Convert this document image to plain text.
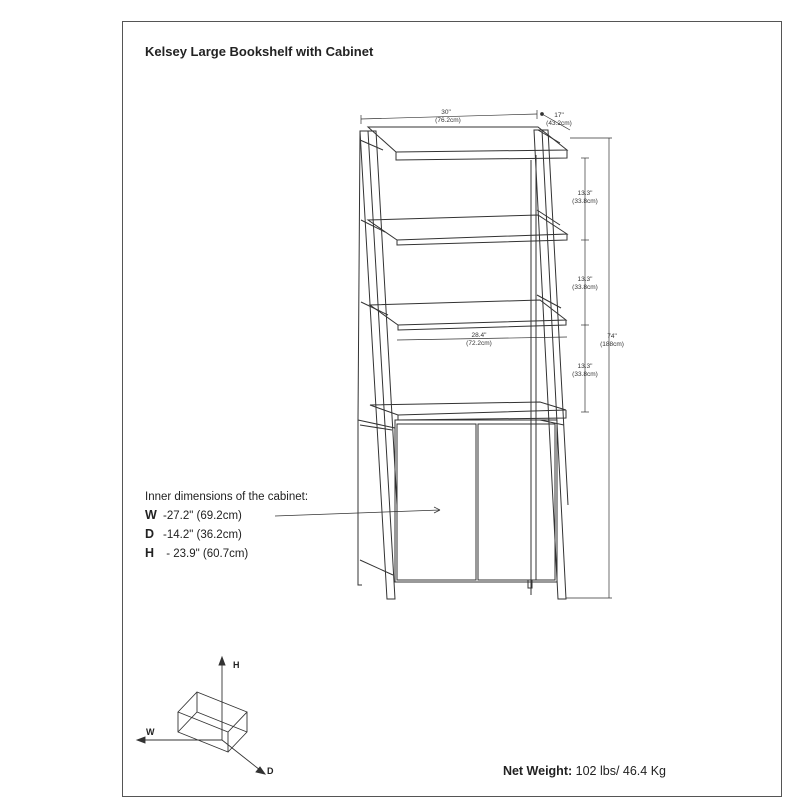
Kelsey Large Bookshelf with Cabinet
30"
(76.2cm)
17"
(43.2cm)
74"
(188cm)
13.3"
(33.8cm)
13.3"
(33.8cm)
13.3"
(33.8cm)
28.4"
(72.2cm)
Inner dimensions of the cabinet:
W -27.2" (69.2cm)
D -14.2" (36.2cm)
H - 23.9" (60.7cm)
H
W
D	Net Weight: 102 lbs/ 46.4 Kg
